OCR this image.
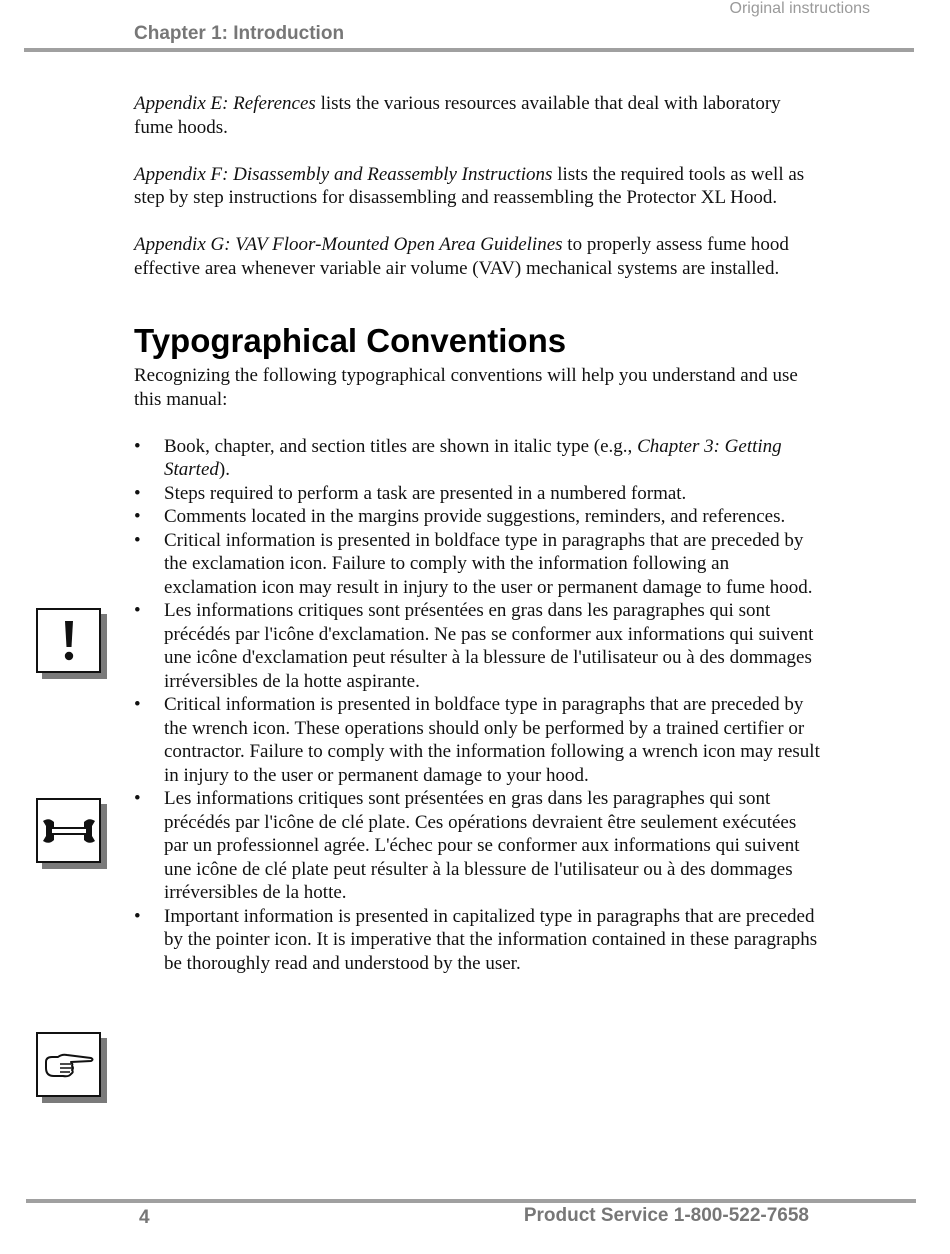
Original instructions
Chapter 1: Introduction

Appendix E: References lists the various resources available that deal with laboratory fume hoods.

Appendix F: Disassembly and Reassembly Instructions lists the required tools as well as step by step instructions for disassembling and reassembling the Protector XL Hood.

Appendix G: VAV Floor-Mounted Open Area Guidelines to properly assess fume hood effective area whenever variable air volume (VAV) mechanical systems are installed.

Typographical Conventions

Recognizing the following typographical conventions will help you understand and use this manual:

•	Book, chapter, and section titles are shown in italic type (e.g., Chapter 3: Getting Started).
•	Steps required to perform a task are presented in a numbered format.
•	Comments located in the margins provide suggestions, reminders, and references.
•	Critical information is presented in boldface type in paragraphs that are preceded by the exclamation icon. Failure to comply with the information following an exclamation icon may result in injury to the user or permanent damage to fume hood.
•	Les informations critiques sont présentées en gras dans les paragraphes qui sont précédés par l'icône d'exclamation. Ne pas se conformer aux informations qui suivent une icône d'exclamation peut résulter à la blessure de l'utilisateur ou à des dommages irréversibles de la hotte aspirante.
•	Critical information is presented in boldface type in paragraphs that are preceded by the wrench icon. These operations should only be performed by a trained certifier or contractor. Failure to comply with the information following a wrench icon may result in injury to the user or permanent damage to your hood.
•	Les informations critiques sont présentées en gras dans les paragraphes qui sont précédés par l'icône de clé plate. Ces opérations devraient être seulement exécutées par un professionnel agrée. L'échec pour se conformer aux informations qui suivent une icône de clé plate peut résulter à la blessure de l'utilisateur ou à des dommages irréversibles de la hotte.
•	Important information is presented in capitalized type in paragraphs that are preceded by the pointer icon. It is imperative that the information contained in these paragraphs be thoroughly read and understood by the user.
4	Product Service 1-800-522-7658
